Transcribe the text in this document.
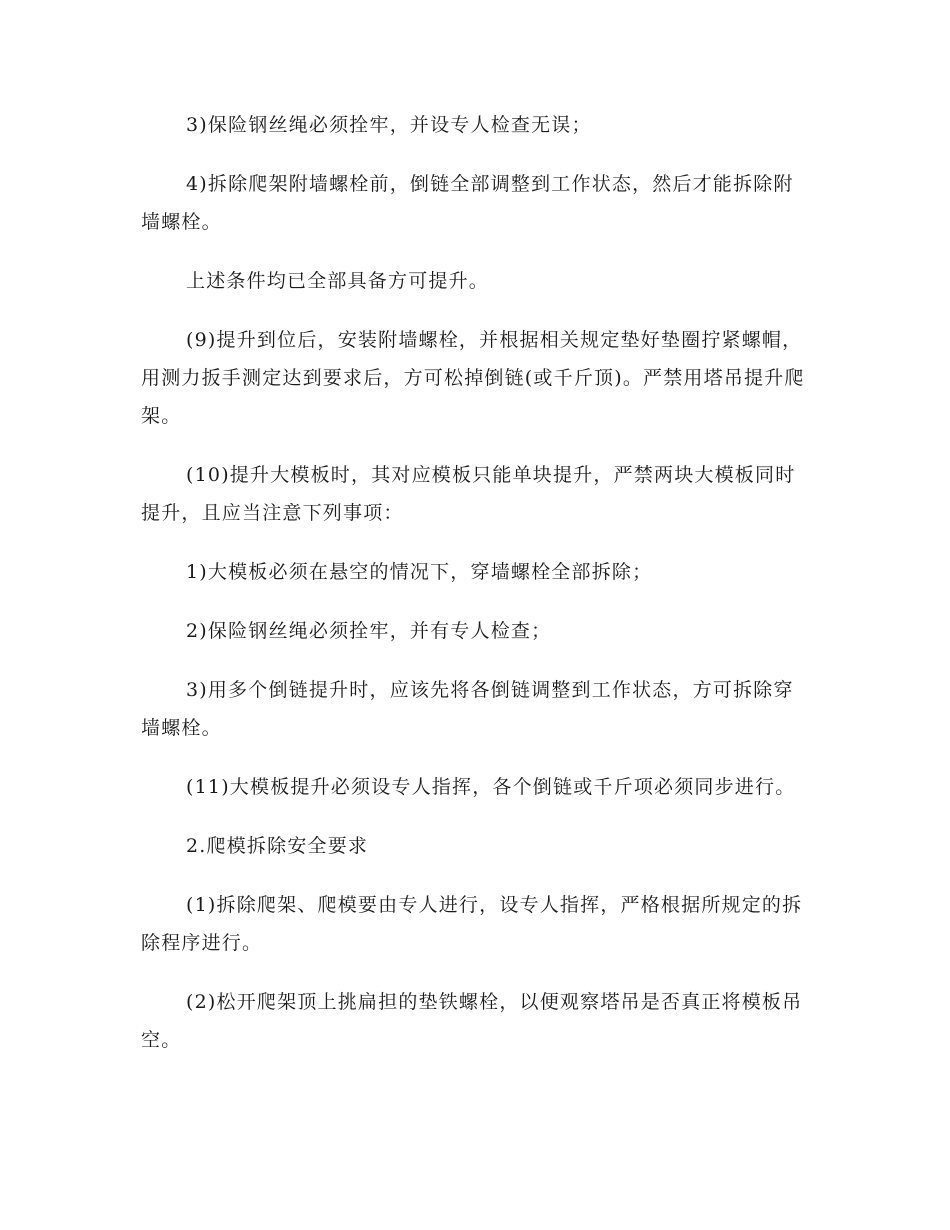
3)保险钢丝绳必须拴牢，并设专人检查无误；

4)拆除爬架附墙螺栓前，倒链全部调整到工作状态，然后才能拆除附墙螺栓。

上述条件均已全部具备方可提升。

(9)提升到位后，安装附墙螺栓，并根据相关规定垫好垫圈拧紧螺帽，用测力扳手测定达到要求后，方可松掉倒链(或千斤顶)。严禁用塔吊提升爬架。

(10)提升大模板时，其对应模板只能单块提升，严禁两块大模板同时提升，且应当注意下列事项：

1)大模板必须在悬空的情况下，穿墙螺栓全部拆除；

2)保险钢丝绳必须拴牢，并有专人检查；

3)用多个倒链提升时，应该先将各倒链调整到工作状态，方可拆除穿墙螺栓。

(11)大模板提升必须设专人指挥，各个倒链或千斤项必须同步进行。

2.爬模拆除安全要求

(1)拆除爬架、爬模要由专人进行，设专人指挥，严格根据所规定的拆除程序进行。

(2)松开爬架顶上挑扁担的垫铁螺栓，以便观察塔吊是否真正将模板吊空。
